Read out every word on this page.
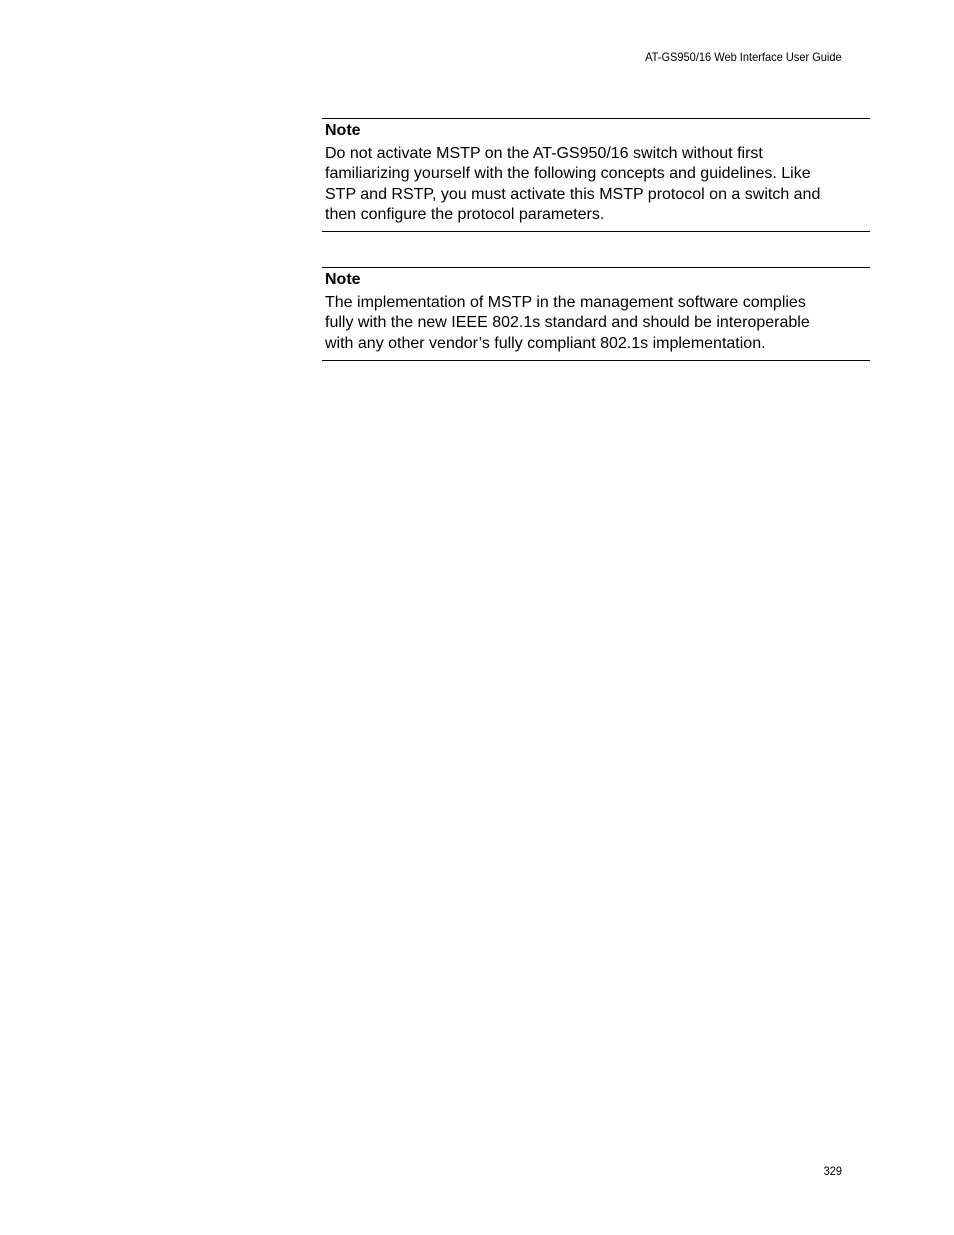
AT-GS950/16 Web Interface User Guide
Note
Do not activate MSTP on the AT-GS950/16 switch without first
familiarizing yourself with the following concepts and guidelines. Like
STP and RSTP, you must activate this MSTP protocol on a switch and
then configure the protocol parameters.
Note
The implementation of MSTP in the management software complies
fully with the new IEEE 802.1s standard and should be interoperable
with any other vendor’s fully compliant 802.1s implementation.
329
